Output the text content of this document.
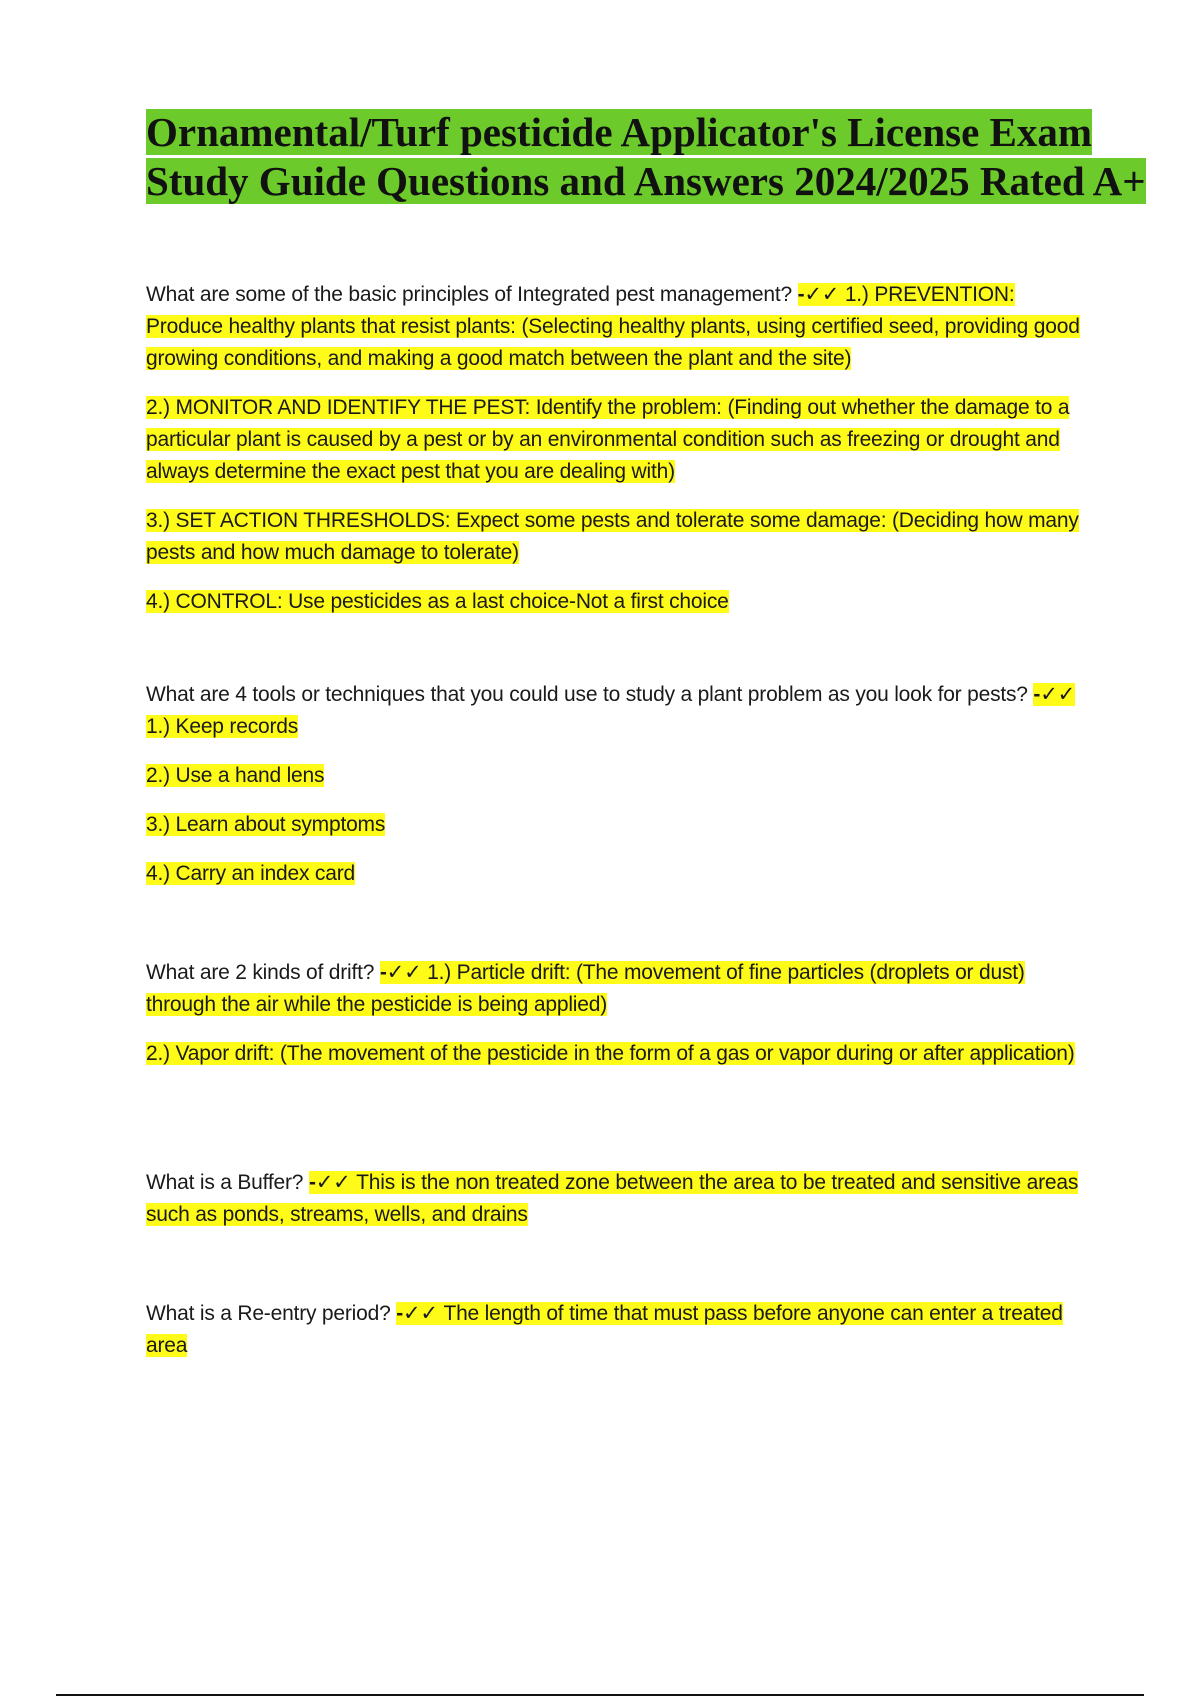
Ornamental/Turf pesticide Applicator's License Exam Study Guide Questions and Answers 2024/2025 Rated A+

What are some of the basic principles of Integrated pest management? -✓✓ 1.) PREVENTION: Produce healthy plants that resist plants: (Selecting healthy plants, using certified seed, providing good growing conditions, and making a good match between the plant and the site)

2.) MONITOR AND IDENTIFY THE PEST: Identify the problem: (Finding out whether the damage to a particular plant is caused by a pest or by an environmental condition such as freezing or drought and always determine the exact pest that you are dealing with)

3.) SET ACTION THRESHOLDS: Expect some pests and tolerate some damage: (Deciding how many pests and how much damage to tolerate)

4.) CONTROL: Use pesticides as a last choice-Not a first choice

What are 4 tools or techniques that you could use to study a plant problem as you look for pests? -✓✓ 1.) Keep records

2.) Use a hand lens

3.) Learn about symptoms

4.) Carry an index card

What are 2 kinds of drift? -✓✓ 1.) Particle drift: (The movement of fine particles (droplets or dust) through the air while the pesticide is being applied)

2.) Vapor drift: (The movement of the pesticide in the form of a gas or vapor during or after application)

What is a Buffer? -✓✓ This is the non treated zone between the area to be treated and sensitive areas such as ponds, streams, wells, and drains

What is a Re-entry period? -✓✓ The length of time that must pass before anyone can enter a treated area
